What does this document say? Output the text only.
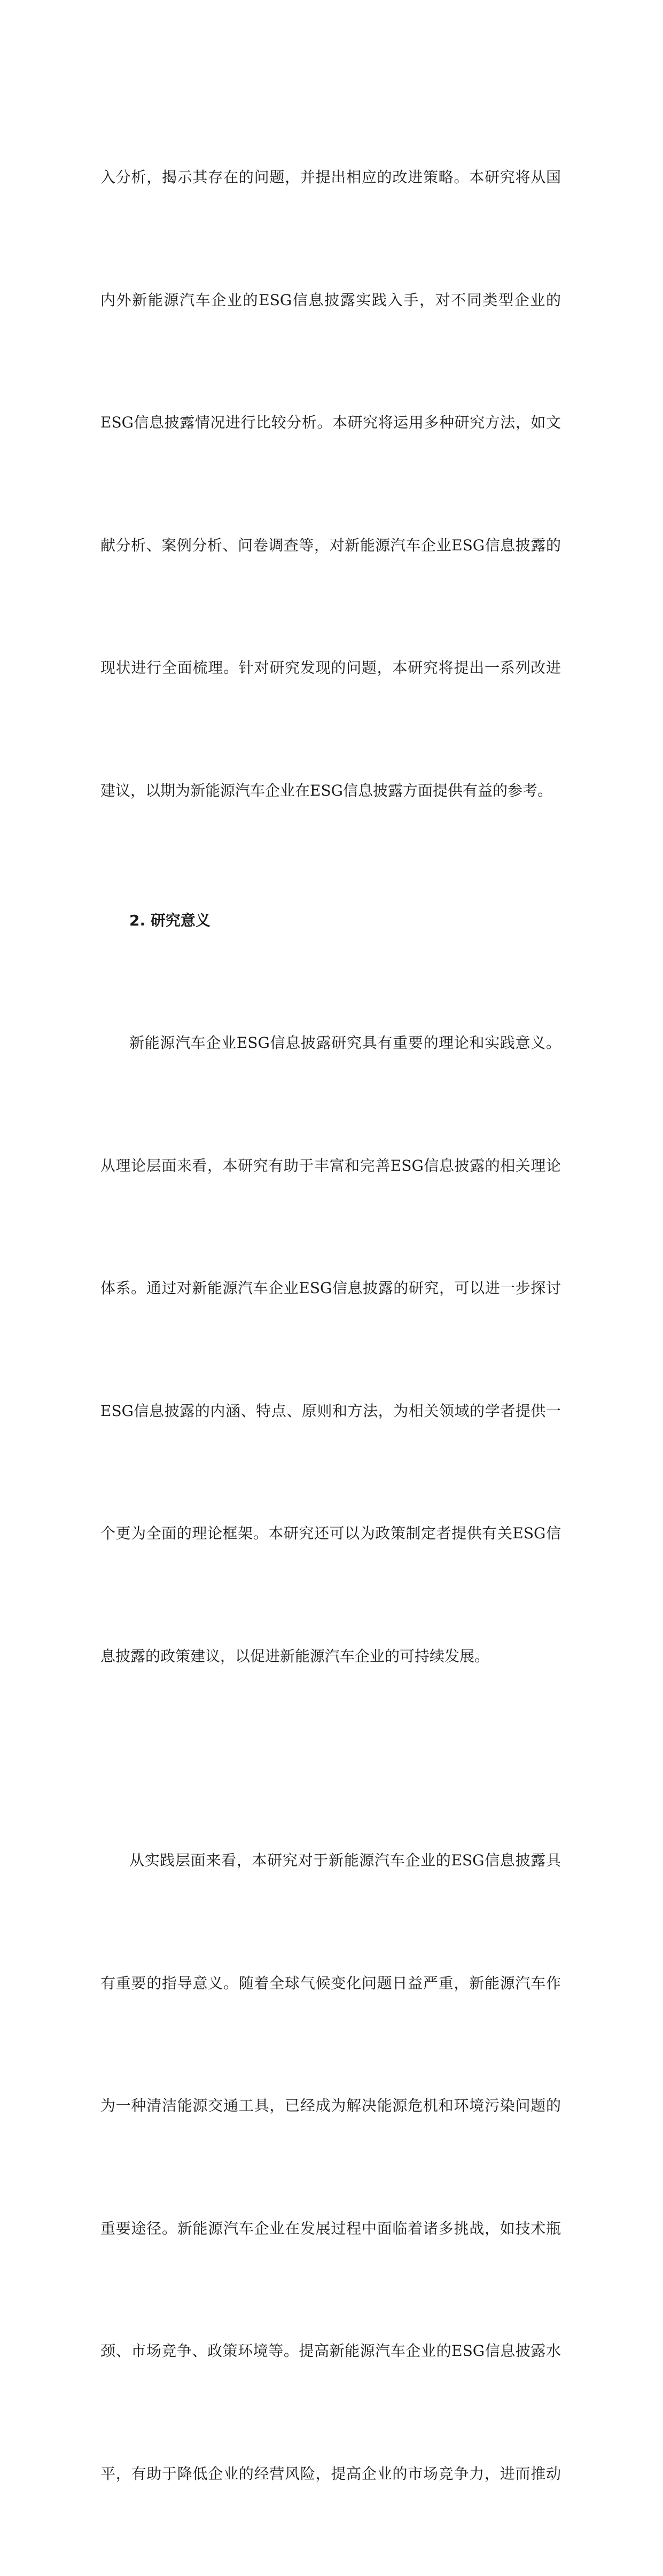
入分析，揭示其存在的问题，并提出相应的改进策略。本研究将从国

内外新能源汽车企业的ESG信息披露实践入手，对不同类型企业的

ESG信息披露情况进行比较分析。本研究将运用多种研究方法，如文

献分析、案例分析、问卷调查等，对新能源汽车企业ESG信息披露的

现状进行全面梳理。针对研究发现的问题，本研究将提出一系列改进

建议，以期为新能源汽车企业在ESG信息披露方面提供有益的参考。

2. 研究意义

新能源汽车企业ESG信息披露研究具有重要的理论和实践意义。

从理论层面来看，本研究有助于丰富和完善ESG信息披露的相关理论

体系。通过对新能源汽车企业ESG信息披露的研究，可以进一步探讨

ESG信息披露的内涵、特点、原则和方法，为相关领域的学者提供一

个更为全面的理论框架。本研究还可以为政策制定者提供有关ESG信

息披露的政策建议，以促进新能源汽车企业的可持续发展。

从实践层面来看，本研究对于新能源汽车企业的ESG信息披露具

有重要的指导意义。随着全球气候变化问题日益严重，新能源汽车作

为一种清洁能源交通工具，已经成为解决能源危机和环境污染问题的

重要途径。新能源汽车企业在发展过程中面临着诸多挑战，如技术瓶

颈、市场竞争、政策环境等。提高新能源汽车企业的ESG信息披露水

平，有助于降低企业的经营风险，提高企业的市场竞争力，进而推动
